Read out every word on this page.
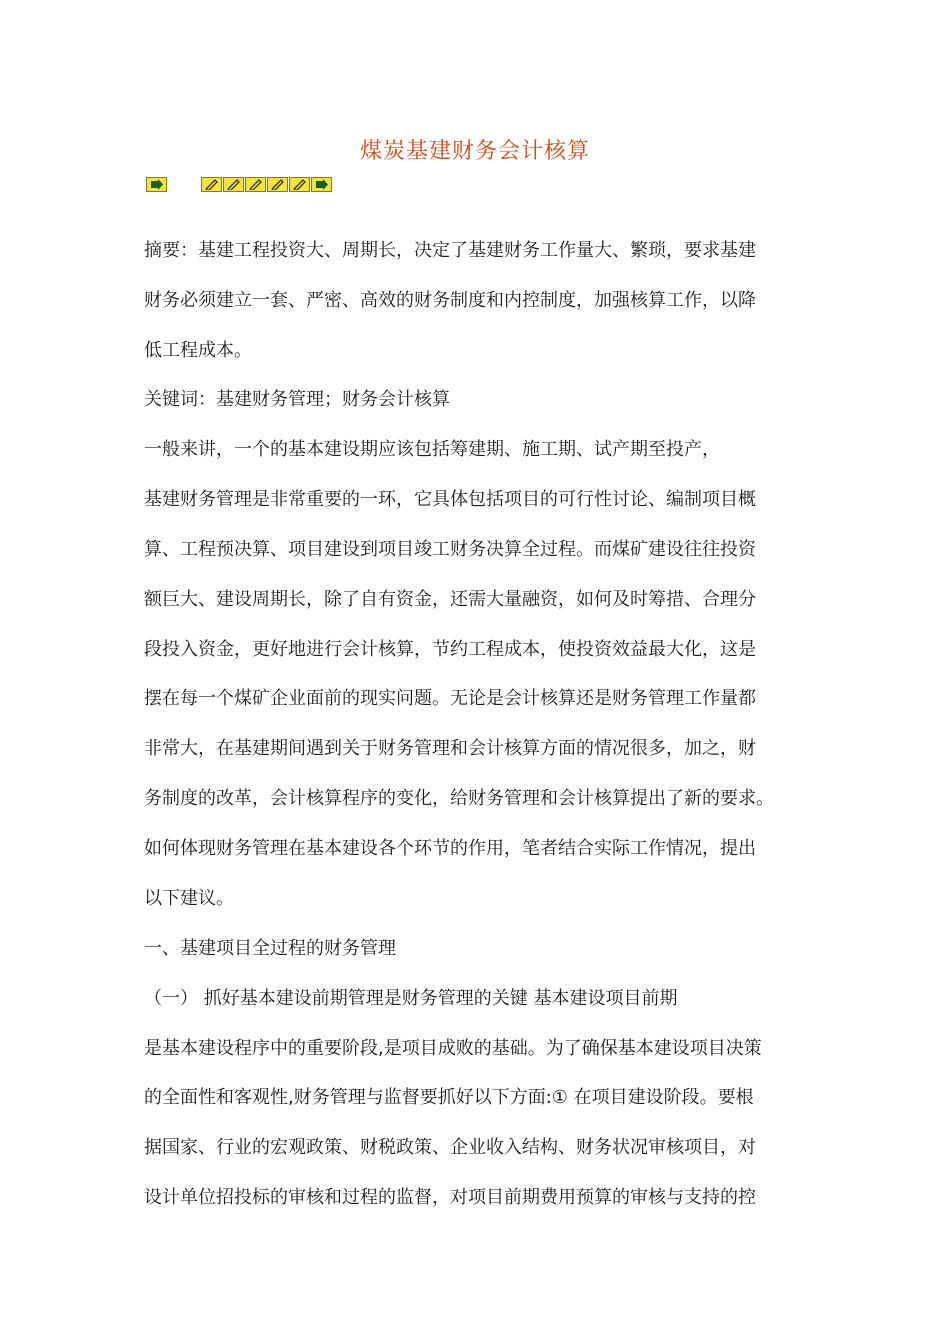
煤炭基建财务会计核算

摘要：基建工程投资大、周期长，决定了基建财务工作量大、繁琐，要求基建

财务必须建立一套、严密、高效的财务制度和内控制度，加强核算工作，以降

低工程成本。

关键词：基建财务管理；财务会计核算

一般来讲，一个的基本建设期应该包括筹建期、施工期、试产期至投产，

基建财务管理是非常重要的一环，它具体包括项目的可行性讨论、编制项目概

算、工程预决算、项目建设到项目竣工财务决算全过程。而煤矿建设往往投资

额巨大、建设周期长，除了自有资金，还需大量融资，如何及时筹措、合理分

段投入资金，更好地进行会计核算，节约工程成本，使投资效益最大化，这是

摆在每一个煤矿企业面前的现实问题。无论是会计核算还是财务管理工作量都

非常大，在基建期间遇到关于财务管理和会计核算方面的情况很多，加之，财

务制度的改革，会计核算程序的变化，给财务管理和会计核算提出了新的要求。

如何体现财务管理在基本建设各个环节的作用，笔者结合实际工作情况，提出

以下建议。

一、基建项目全过程的财务管理

（一） 抓好基本建设前期管理是财务管理的关键 基本建设项目前期

是基本建设程序中的重要阶段,是项目成败的基础。为了确保基本建设项目决策

的全面性和客观性,财务管理与监督要抓好以下方面:① 在项目建设阶段。要根

据国家、行业的宏观政策、财税政策、企业收入结构、财务状况审核项目，对

设计单位招投标的审核和过程的监督，对项目前期费用预算的审核与支持的控
